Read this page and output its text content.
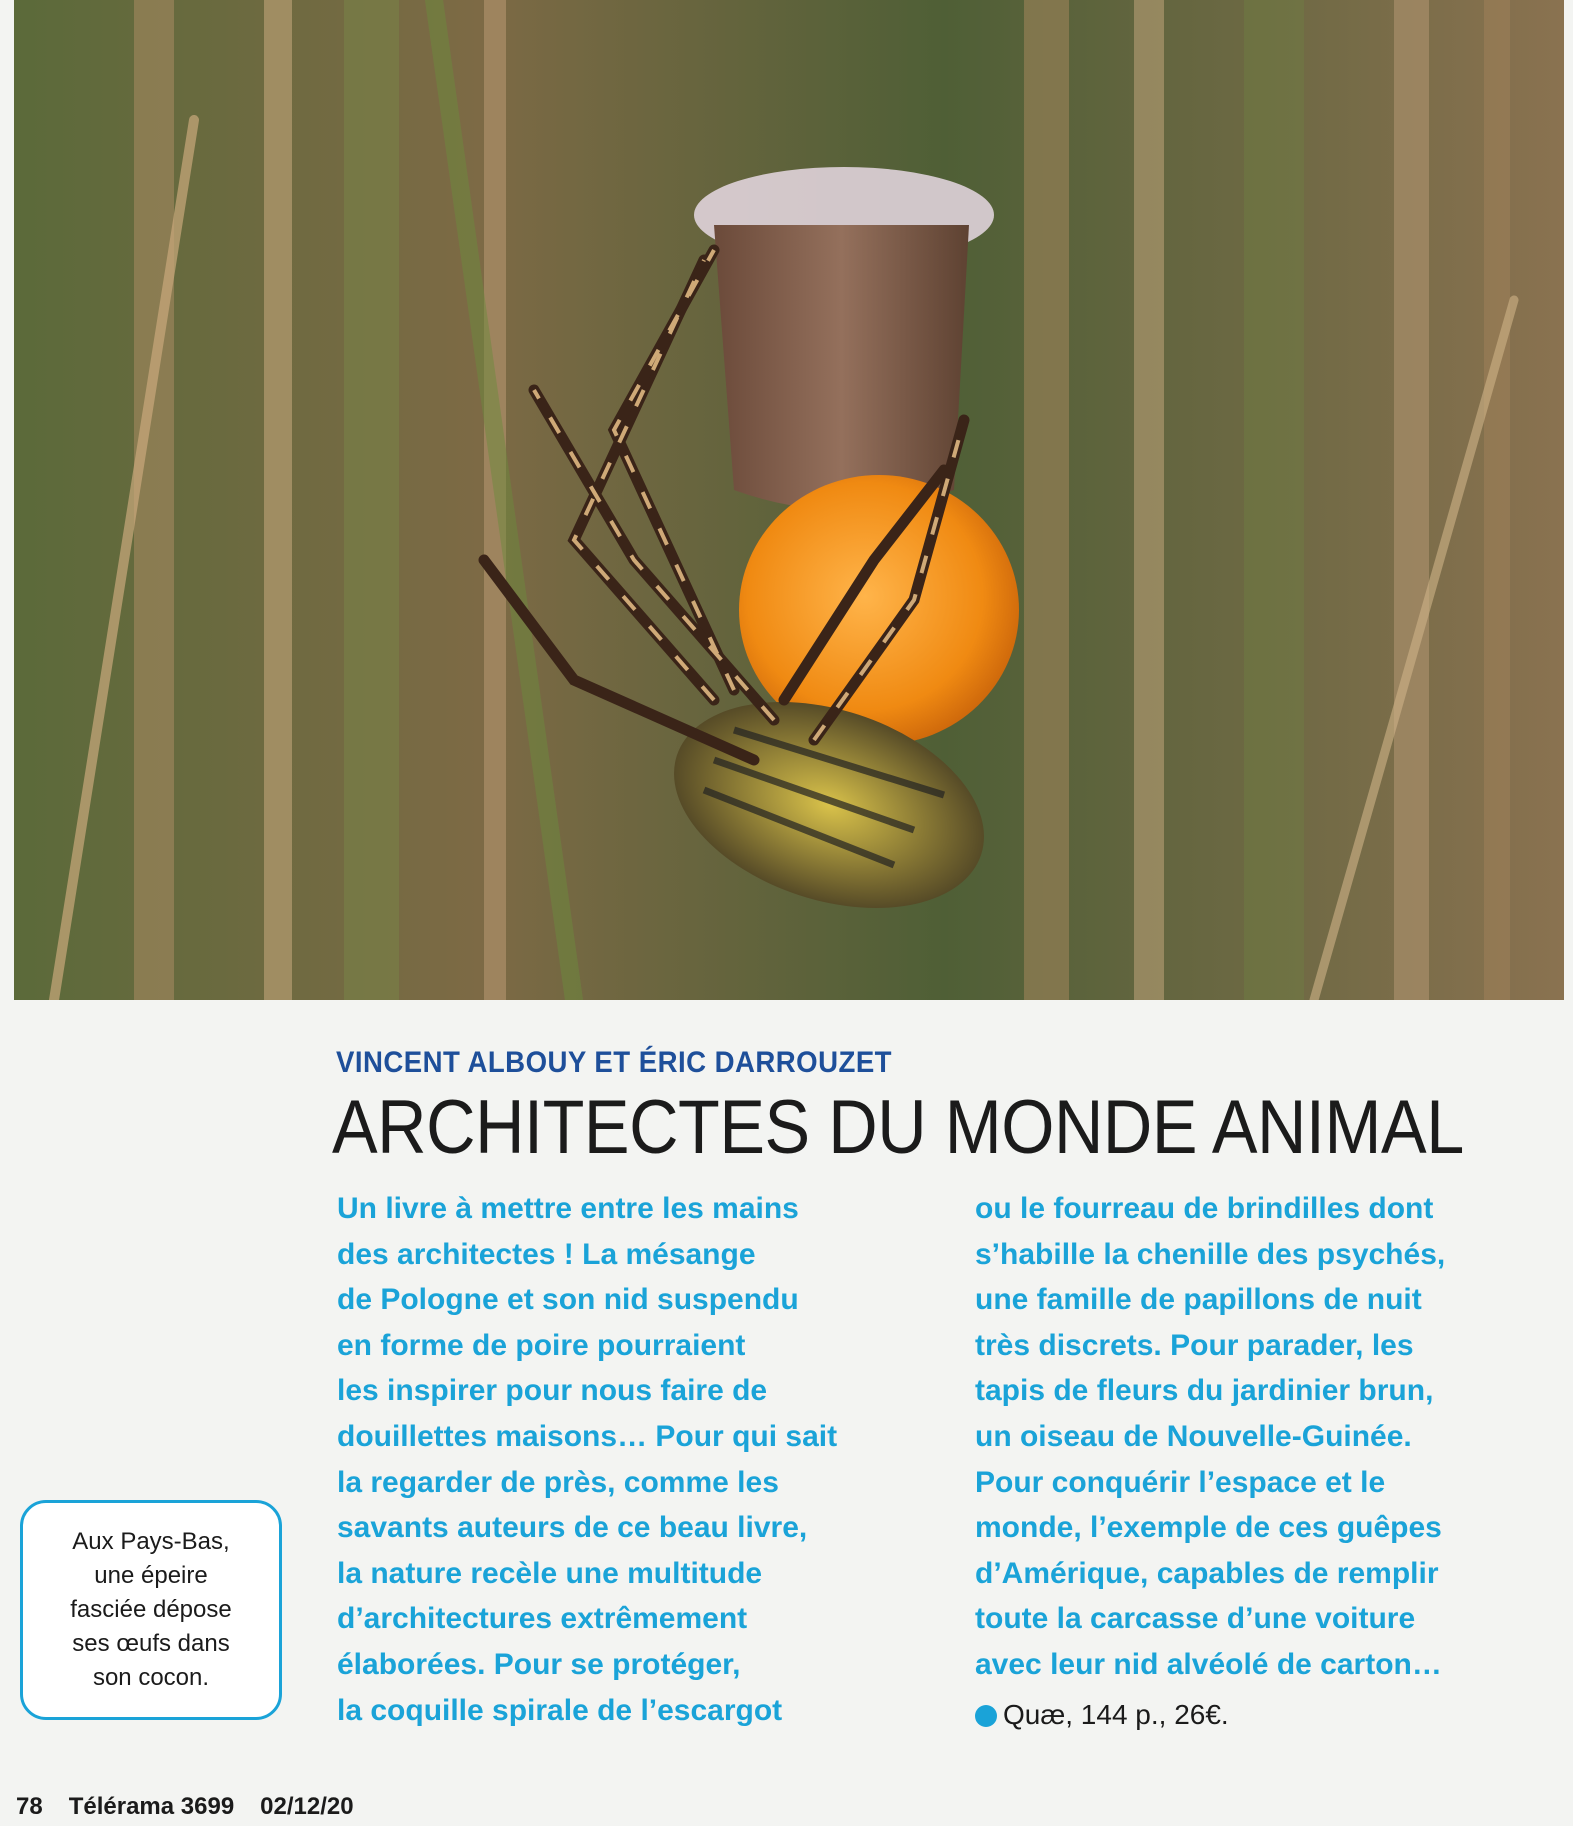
VINCENT ALBOUY ET ÉRIC DARROUZET
ARCHITECTES DU MONDE ANIMAL
Un livre à mettre entre les mains
des architectes ! La mésange
de Pologne et son nid suspendu
en forme de poire pourraient
les inspirer pour nous faire de
douillettes maisons… Pour qui sait
la regarder de près, comme les
savants auteurs de ce beau livre,
la nature recèle une multitude
d’architectures extrêmement
élaborées. Pour se protéger,
la coquille spirale de l’escargot
ou le fourreau de brindilles dont
s’habille la chenille des psychés,
une famille de papillons de nuit
très discrets. Pour parader, les
tapis de fleurs du jardinier brun,
un oiseau de Nouvelle-Guinée.
Pour conquérir l’espace et le
monde, l’exemple de ces guêpes
d’Amérique, capables de remplir
toute la carcasse d’une voiture
avec leur nid alvéolé de carton…
Quæ, 144 p., 26€.
Aux Pays-Bas,
une épeire
fasciée dépose
ses œufs dans
son cocon.
78 Télérama 3699 02/12/20
